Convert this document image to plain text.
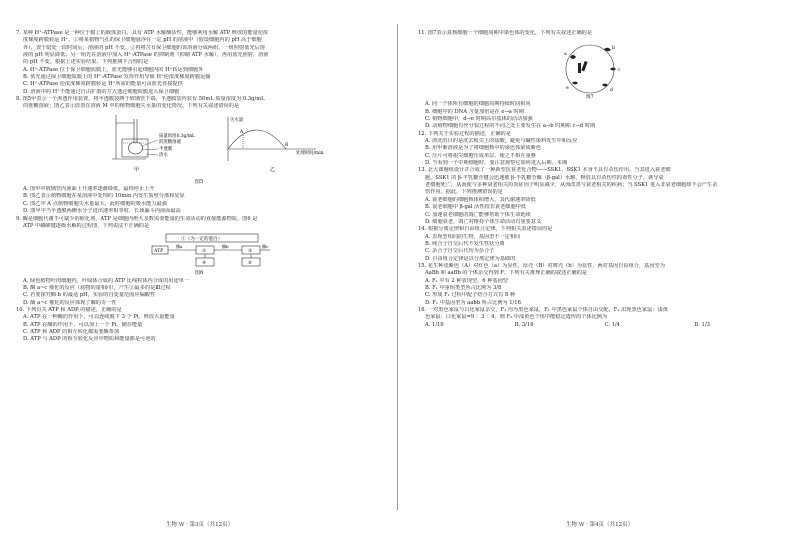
7. 某种 H⁺-ATPase 是一种位于膜上的载体蛋白，具有 ATP 水解酶活性，能够利用水解 ATP 释放的能量逆浓
度梯度跨膜转运 H⁺。①将某植物气孔的保卫细胞悬浮在一定 pH 的溶液中（假设细胞内的 pH 高于细胞
外），置于暗处一段时间后，溶液的 pH 不变。②再将含有保卫细胞的该溶液分成两组，一组照射蓝光后溶
液的 pH 明显降低；另一组先在溶液中加入 H⁺-ATPase 的抑制剂（抑制 ATP 水解），再用蓝光照射，溶液
的 pH 不变。根据上述实验结果，下列推测不合理的是
A. H⁺-ATPase 位于保卫细胞质膜上，蓝光能够引起细胞内的 H⁺转运到细胞外
B. 蓝光通过保卫细胞质膜上的 H⁺-ATPase 发挥作用导致 H⁺逆浓度梯度跨膜运输
C. H⁺-ATPase 逆浓度梯度跨膜转运 H⁺所需的能量可由蓝光直接提供
D. 溶液中的 H⁺不能通过自由扩散的方式透过细胞质膜进入保卫细胞
8. 图5甲表示一个渗透作用装置，将半透膜袋缚于玻璃管下端，半透膜袋内装有 50mL 质量浓度为 0.3g/mL
的蔗糖溶液；图乙表示放置在溶液 M 中的植物细胞失水量的变化情况。下列有关叙述错误的是
质量浓度0.3g/mL
的蔗糖溶液
半透膜
清水
甲
失水量
处理时间/min
A
B
乙
图5
A. 图甲中玻璃管内液面上升速率逐渐降低，最终停止上升
B. 图乙表示植物细胞在某溶液中处理的 10min 内发生质壁分离和复原
C. 图乙中 A 点植物细胞失水量最大，此时细胞的吸水能力最强
D. 图甲中当半透膜两侧水分子进出速率相等时，长颈漏斗内液面最高
9. 酶是细胞代谢不可缺少的催化剂，ATP 是细胞内绝大多数需要能量的生命活动的直接能源物质。图6 是
ATP 中磷酸键逐级水解的过程图，下列说法不正确的是
①（为一定的蛋白）
ATP	②	③
④	⑤
酶a	酶b	酶c
图6
A. 绿色植物叶肉细胞内，叶绿体合成的 ATP 比线粒体内合成的用途单一
B. 酶 a~c 催化的反应（底物的量相同），产生⑤最多的是Ⅲ过程
C. 若要探究酶 b 的最适 pH，实验的自变量范围应偏酸性
D. 酶 a~c 催化的反应体现了酶的专一性
10. 下列有关 ATP 和 ADP 的描述，正确的是
A. ATP 在一种酶的作用下，可以连续脱下 3 个 Pi，释放大量能量
B. ATP 在酶的作用下，可以加上一个 Pi，储存能量
C. ATP 和 ADP 的相互转化都需要酶参加
D. ATP 与 ADP 的相互转化反应中物质和能量都是可逆的
11. 图7表示真核细胞一个细胞周期中染色体的变化，下列有关叙述正确的是
a
b
c
d
e
图7
A. 同一个体所有细胞的细胞周期持续时间相同
B. 细胞中的 DNA 含量加倍是在 e→a 时期
C. 植物细胞中，d→e 时期高尔基体的活动加强
D. 动植物细胞有丝分裂过程的不同之处主要发生在 a→b 时期和 c→d 时期
12. 下列关于实验过程的描述，正确的是
A. 漂洗的目的是洗去根尖上的盐酸，避免与碱性染料发生中和反应
B. 用甲紫溶液是为了将细胞核中的染色体染成紫色
C. 压片可将根尖细胞压成单层，使之不相互重叠
D. 当看到一个中期细胞时，要注意观察它如何进入后期、末期
13. 北大课题组设计并合成了一种新型抗衰老化合物——SSK1，SSK1 本身不具有杀伤作用。当其进入衰老细
胞，SSK1 的 β-半乳糖苷键会迅速被 β-半乳糖苷酶（β-gal）水解，释放具有杀伤性的毒性分子，诱导衰
老细胞死亡，从而使与多种衰老相关的炎症因子明显减少，从而改善与衰老相关的疾病；当 SSK1 进入非衰老细胞却不会产生杀
伤作用。据此，下列推测错误的是
A. 衰老细胞的细胞核体积增大，其代谢速率降低
B. 衰老细胞中 β-gal 活性较非衰老细胞中低
C. 加速衰老细胞的凋亡能够帮助个体生命延续
D. 细胞衰老、凋亡对维持个体生命活动有重要意义
14. 根据分离定律和自由组合定律，下列相关表述错误的是
A. 表现型相同的生物，基因型不一定相同
B. 纯合子自交后代不发生性状分离
C. 杂合子自交后代均为杂合子
D. 自由组合定律是以分离定律为基础的
15. 花生种皮紫色（A）对红色（a）为显性，厚壳（B）对薄壳（b）为显性，两对基因自由组合，基因型为
AaBb 和 aaBb 的个体杂交得到 F，下列有关推理正确的叙述正确的是
A. F₁ 中有 2 种表现型，6 种基因型
B. F₁ 中重组类型所占比例为 3/8
C. 形成 F₁ 过程中配子结合方式有 8 种
D. F₁ 中基因型为 aabb 所占比例为 1/16
16. 一对黑色家鼠与白化家鼠杂交，F₁ 均为黑色家鼠，F₁ 中黑色家鼠个体自由交配，F₂ 出现黑色家鼠：浅黄
色家鼠：白化家鼠=9 ：3 ：4，则 F₂ 中浅黄色个体中能稳定遗传的个体比例为
A. 1/16	B. 3/16	C. 1/4	D. 1/3
生物 W · 第3页（共12页）	生物 W · 第4页（共12页）
